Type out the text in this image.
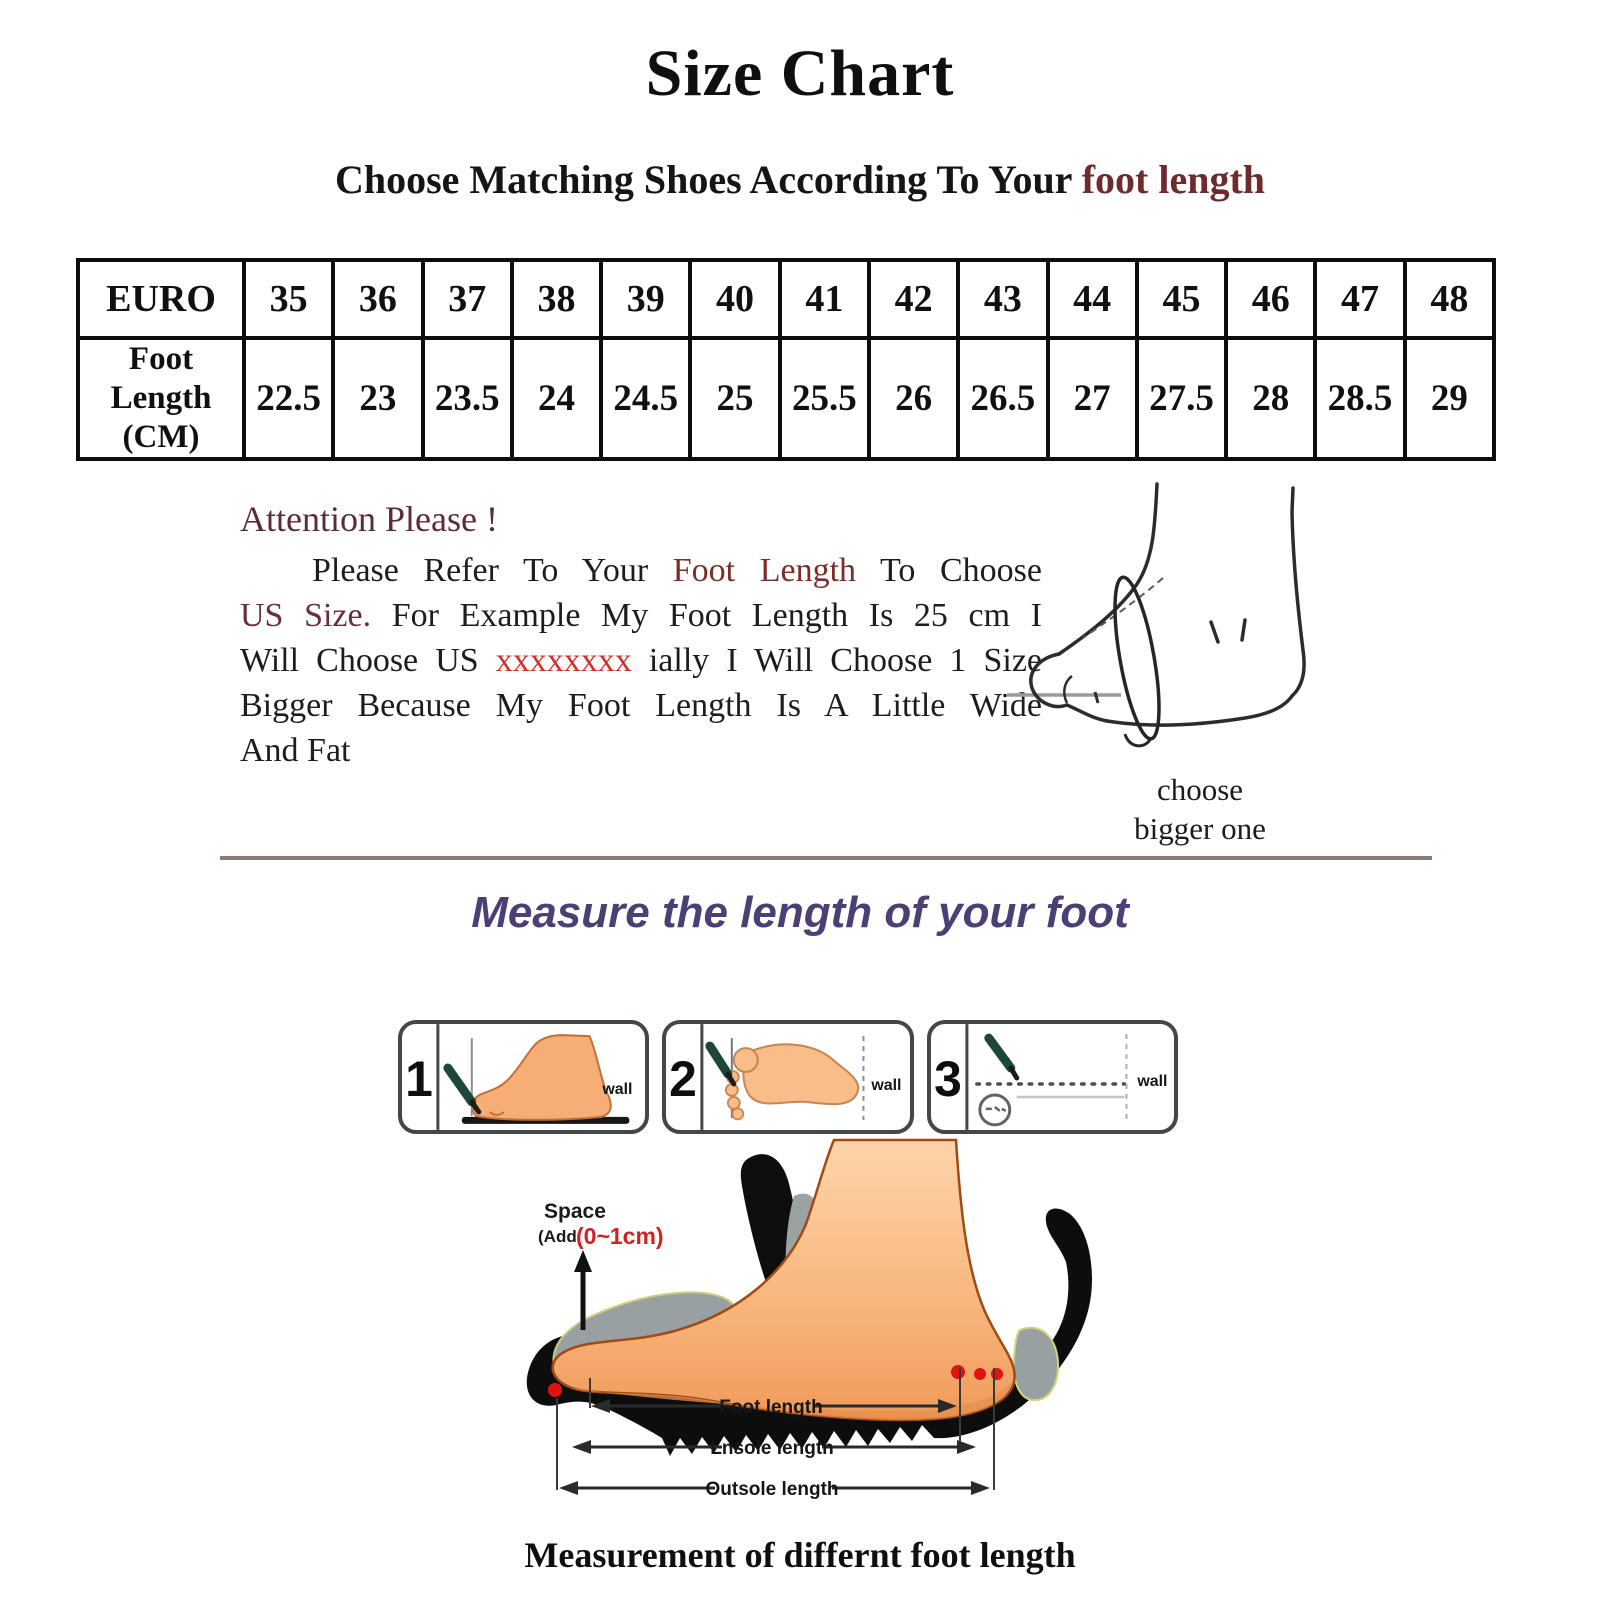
Size Chart
Choose Matching Shoes According To Your foot length
EURO	35	36	37	38	39	40	41	42	43	44	45	46	47	48
Foot Length (CM)	22.5	23	23.5	24	24.5	25	25.5	26	26.5	27	27.5	28	28.5	29
Attention Please !
Please Refer To Your Foot Length To Choose
US Size. For Example My Foot Length Is 25 cm I
Will Choose US xxxxxxxx ially I Will Choose 1 Size
Bigger Because My Foot Length Is A Little Wide
And Fat
choose
bigger one
Measure the length of your foot
1	wall 2	wall 3	wall
Space
(Add (0~1cm)
Foot length
Lnsole length
Outsole length
Measurement of differnt foot length
